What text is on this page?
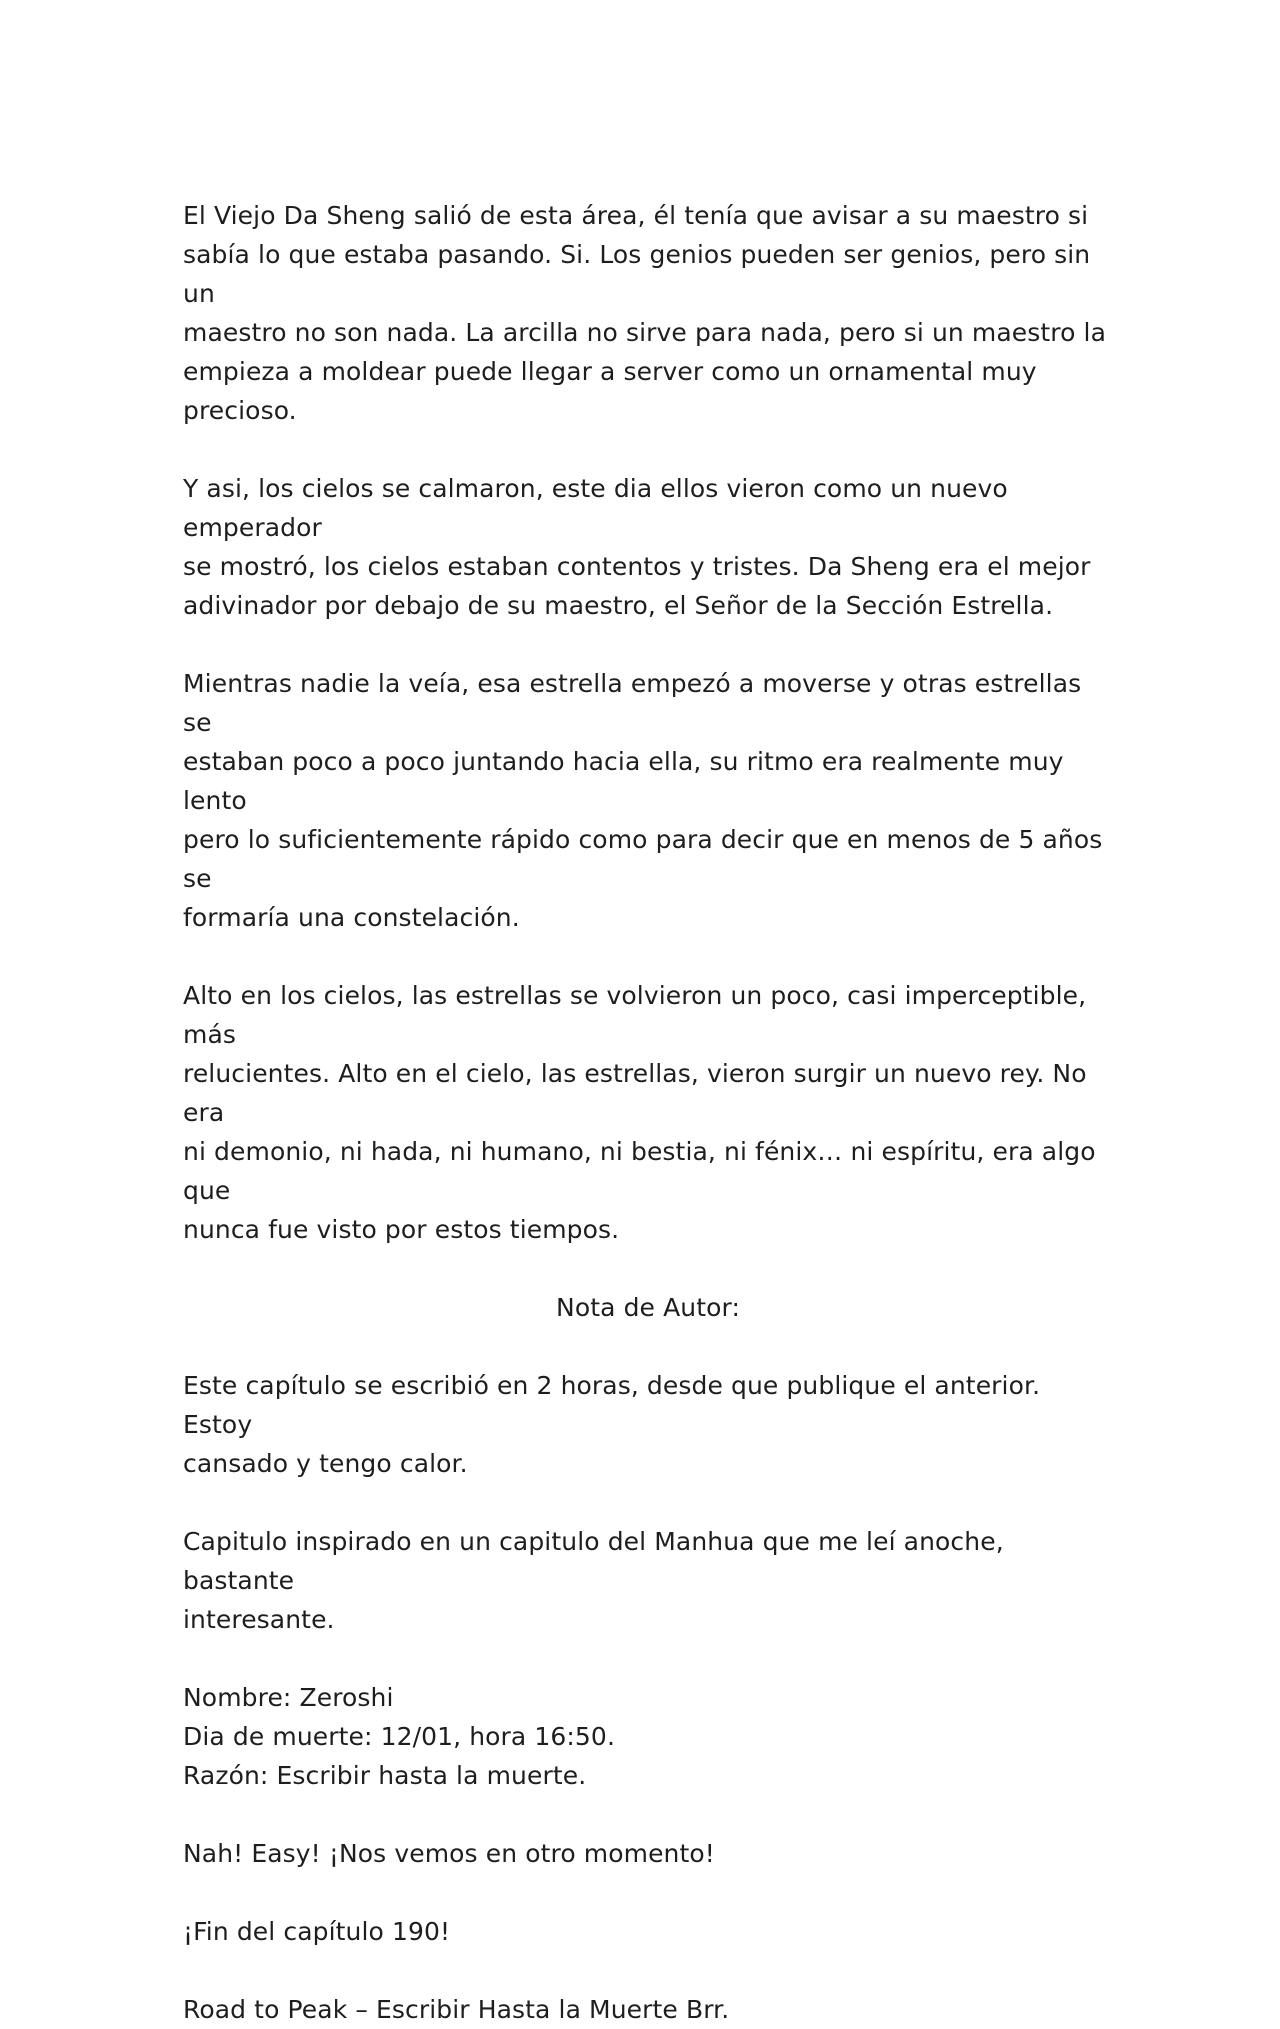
El Viejo Da Sheng salió de esta área, él tenía que avisar a su maestro si
sabía lo que estaba pasando. Si. Los genios pueden ser genios, pero sin un
maestro no son nada. La arcilla no sirve para nada, pero si un maestro la
empieza a moldear puede llegar a server como un ornamental muy precioso.
Y asi, los cielos se calmaron, este dia ellos vieron como un nuevo emperador
se mostró, los cielos estaban contentos y tristes. Da Sheng era el mejor
adivinador por debajo de su maestro, el Señor de la Sección Estrella.
Mientras nadie la veía, esa estrella empezó a moverse y otras estrellas se
estaban poco a poco juntando hacia ella, su ritmo era realmente muy lento
pero lo suficientemente rápido como para decir que en menos de 5 años se
formaría una constelación.
Alto en los cielos, las estrellas se volvieron un poco, casi imperceptible, más
relucientes. Alto en el cielo, las estrellas, vieron surgir un nuevo rey. No era
ni demonio, ni hada, ni humano, ni bestia, ni fénix… ni espíritu, era algo que
nunca fue visto por estos tiempos.
Nota de Autor:
Este capítulo se escribió en 2 horas, desde que publique el anterior. Estoy
cansado y tengo calor.
Capitulo inspirado en un capitulo del Manhua que me leí anoche, bastante
interesante.
Nombre: Zeroshi
Dia de muerte: 12/01, hora 16:50.
Razón: Escribir hasta la muerte.
Nah! Easy! ¡Nos vemos en otro momento!
¡Fin del capítulo 190!
Road to Peak – Escribir Hasta la Muerte Brr.
